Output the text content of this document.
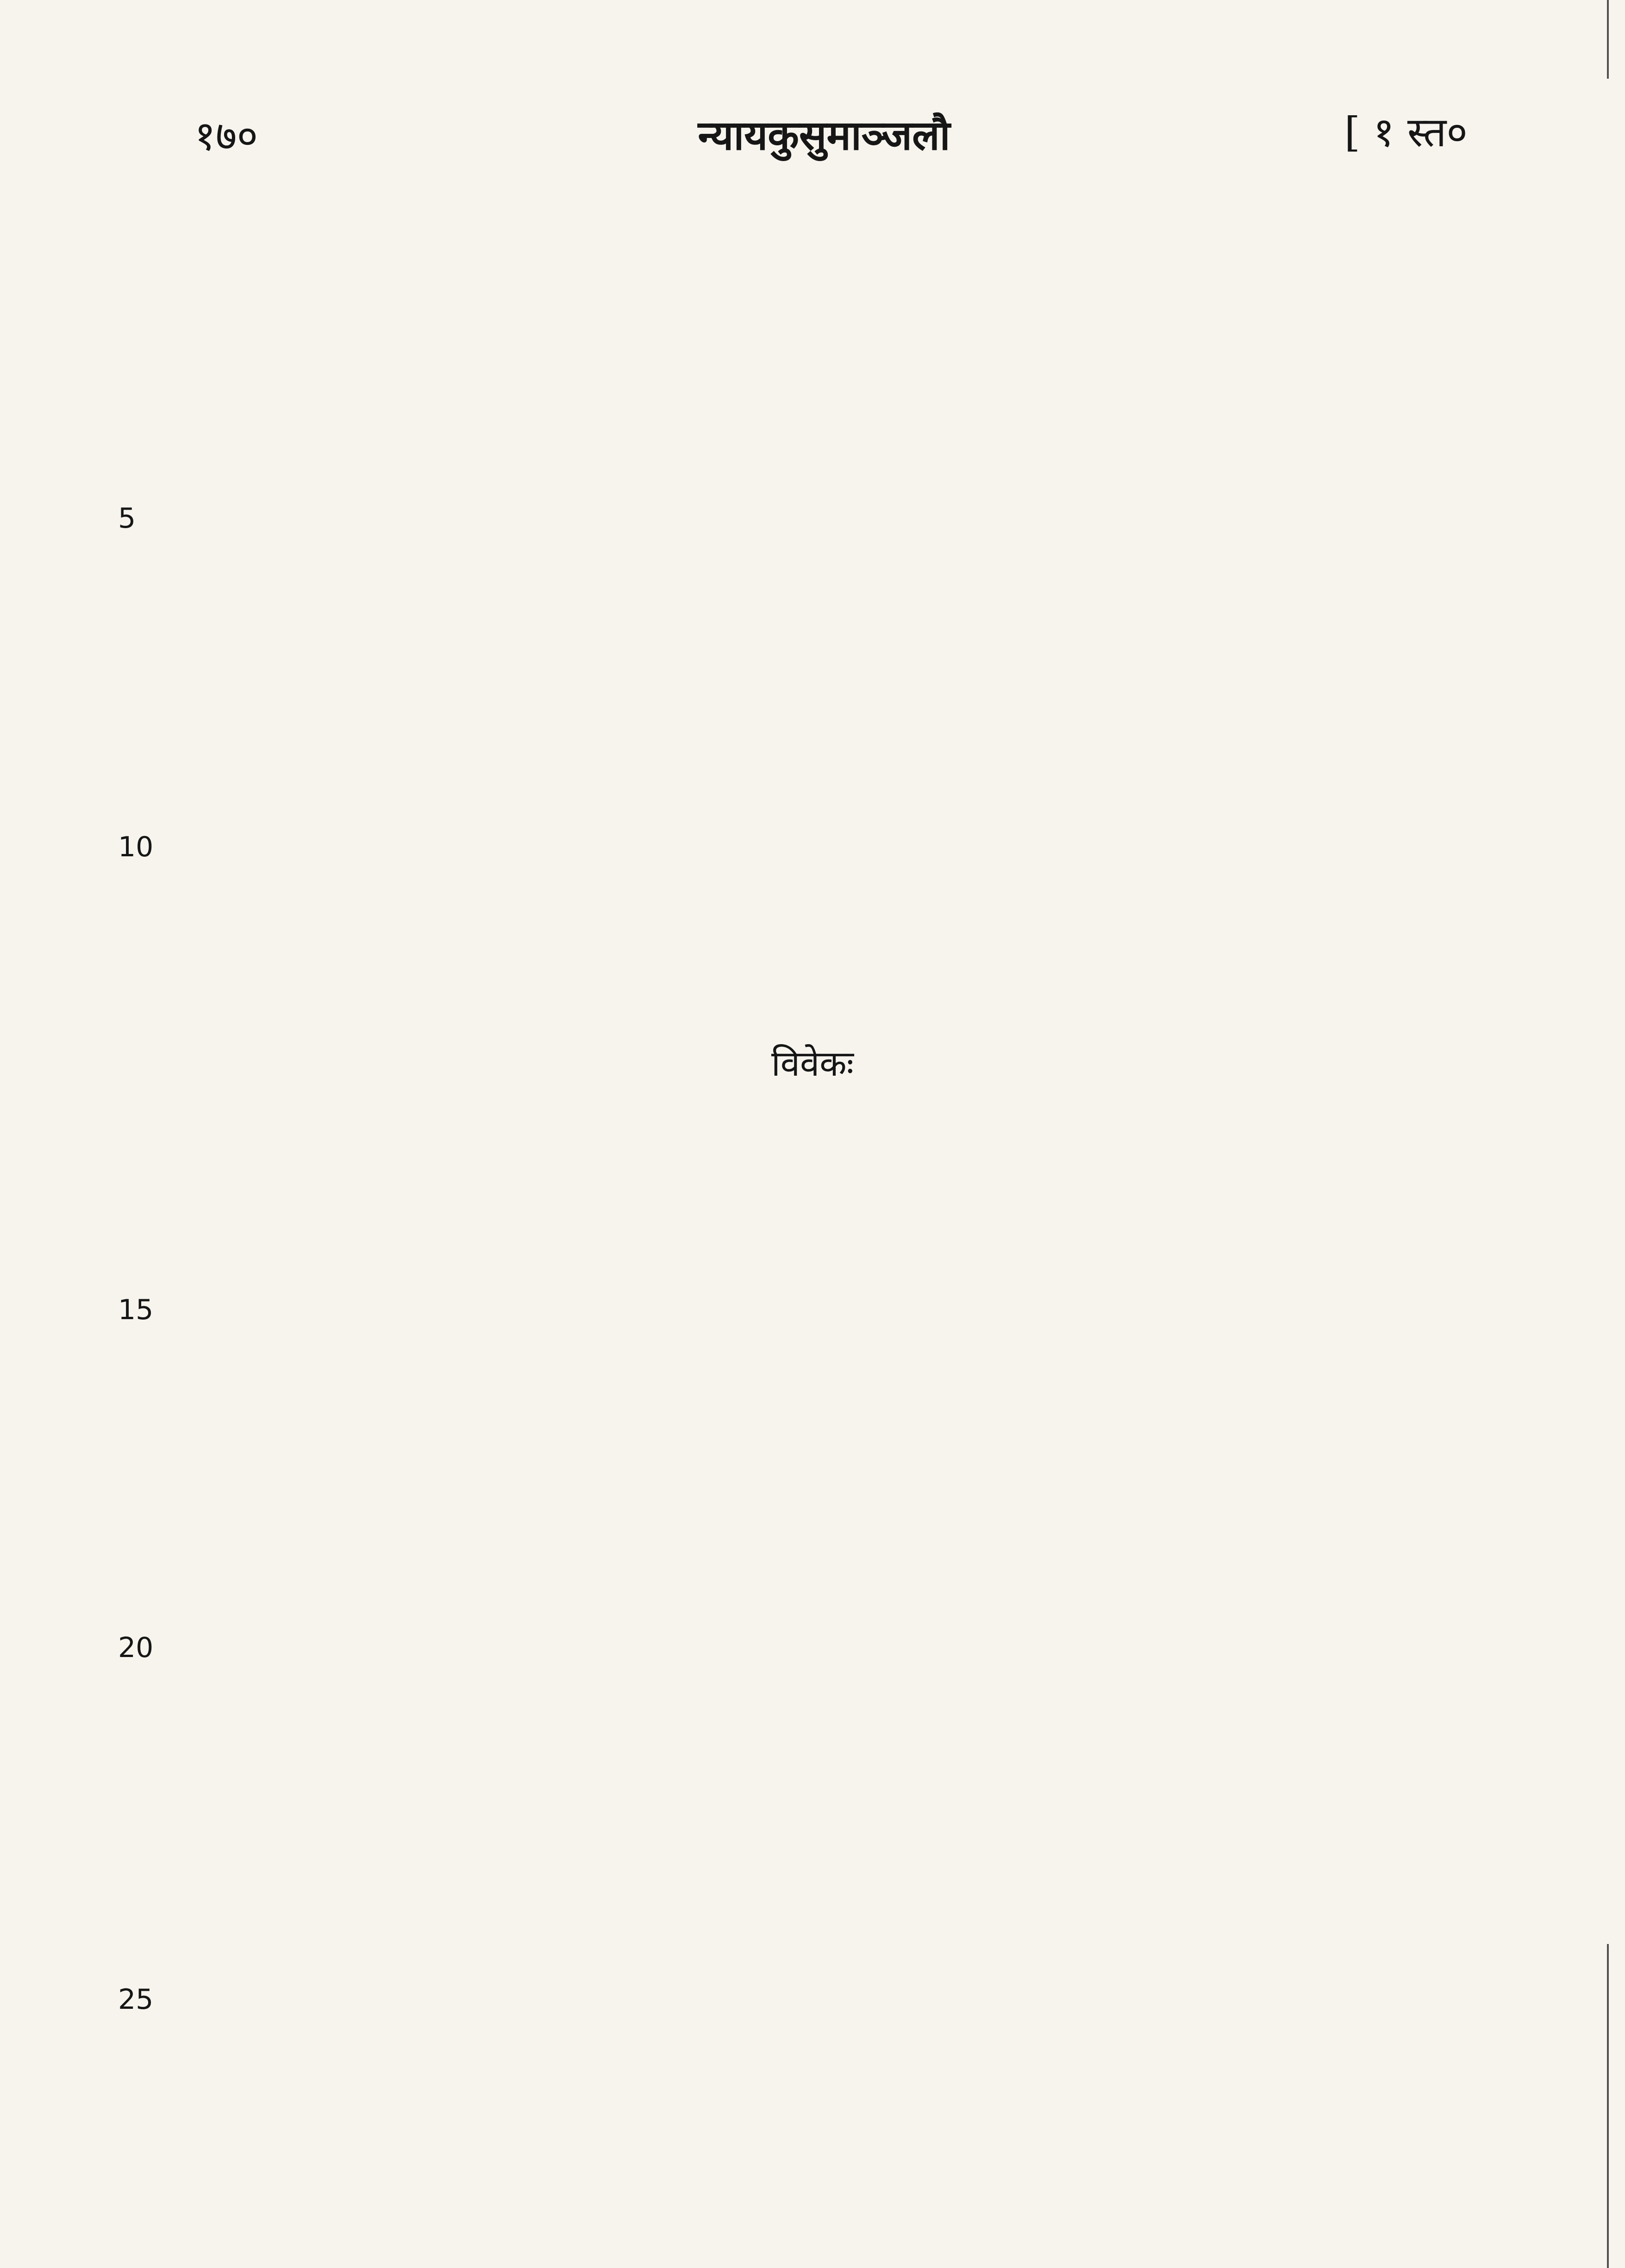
१७०	न्यायकुसुमाञ्जलौ	[ १ स्त०
विवेकः
5
10
15
20
25
